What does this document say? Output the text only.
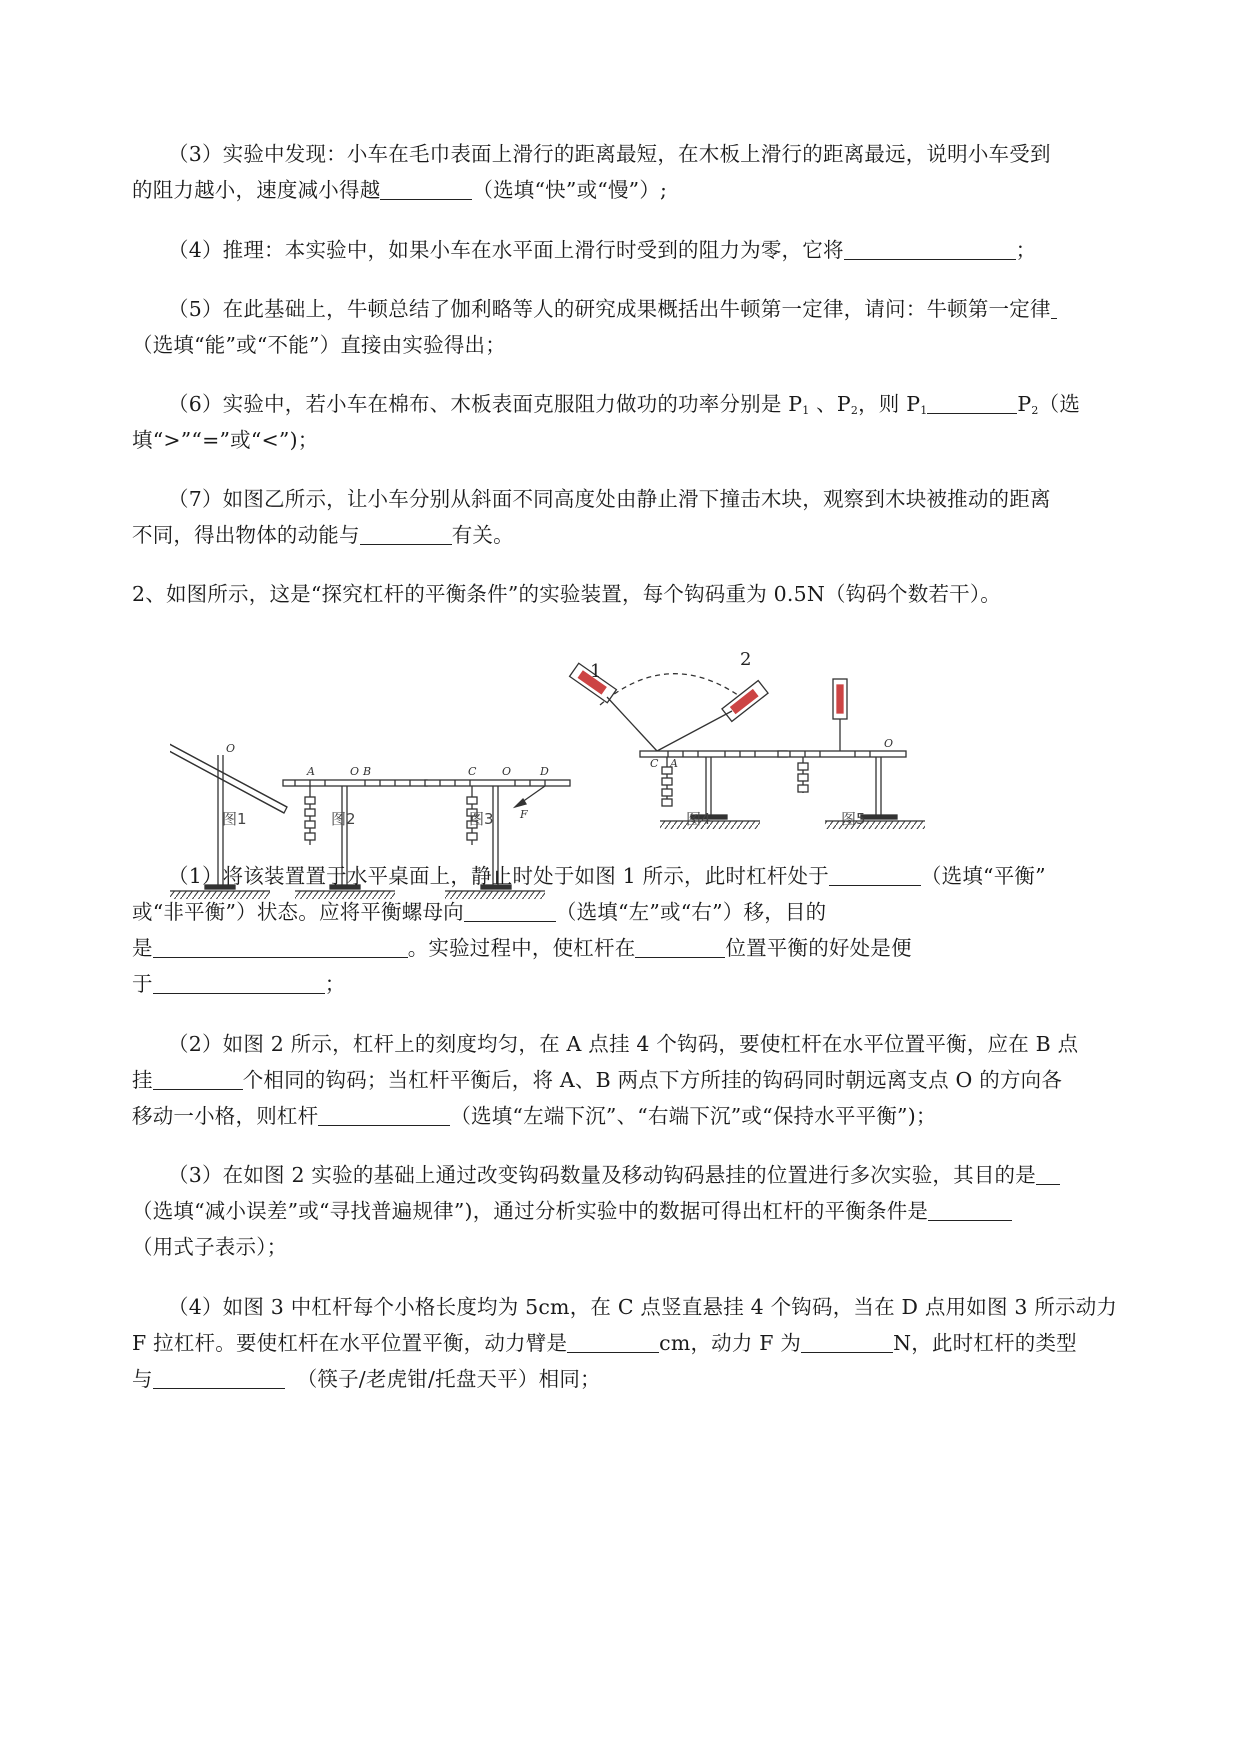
（3）实验中发现：小车在毛巾表面上滑行的距离最短，在木板上滑行的距离最远，说明小车受到
的阻力越小，速度减小得越	（选填“快”或“慢”）;
（4）推理：本实验中，如果小车在水平面上滑行时受到的阻力为零，它将	；
（5）在此基础上，牛顿总结了伽利略等人的研究成果概括出牛顿第一定律，请问：牛顿第一定律
（选填“能”或“不能”）直接由实验得出；
（6）实验中，若小车在棉布、木板表面克服阻力做功的功率分别是 $P_1$ 、$P_2$，则 $P_1$	$P_2$（选
填“>”“=”或“<”)；
（7）如图乙所示，让小车分别从斜面不同高度处由静止滑下撞击木块，观察到木块被推动的距离
不同，得出物体的动能与	有关。
2、如图所示，这是“探究杠杆的平衡条件”的实验装置，每个钩码重为 0.5N（钩码个数若干）。
O
A	O B	C O	D
F
C A
O
1
2
图1	图2	图3	图4	图5
（1）将该装置置于水平桌面上，静止时处于如图 1 所示，此时杠杆处于	（选填“平衡”
或“非平衡”）状态。应将平衡螺母向	（选填“左”或“右”）移，目的
是	。实验过程中，使杠杆在	位置平衡的好处是便
于	；
（2）如图 2 所示，杠杆上的刻度均匀，在 A 点挂 4 个钩码，要使杠杆在水平位置平衡，应在 B 点
挂	个相同的钩码；当杠杆平衡后，将 A、B 两点下方所挂的钩码同时朝远离支点 O 的方向各
移动一小格，则杠杆	（选填“左端下沉”、“右端下沉”或“保持水平平衡”)；
（3）在如图 2 实验的基础上通过改变钩码数量及移动钩码悬挂的位置进行多次实验，其目的是
（选填“减小误差”或“寻找普遍规律”)，通过分析实验中的数据可得出杠杆的平衡条件是
（用式子表示）；
（4）如图 3 中杠杆每个小格长度均为 5cm，在 C 点竖直悬挂 4 个钩码，当在 D 点用如图 3 所示动力
F 拉杠杆。要使杠杆在水平位置平衡，动力臂是	cm，动力 F 为	N，此时杠杆的类型
与	（筷子/老虎钳/托盘天平）相同；
